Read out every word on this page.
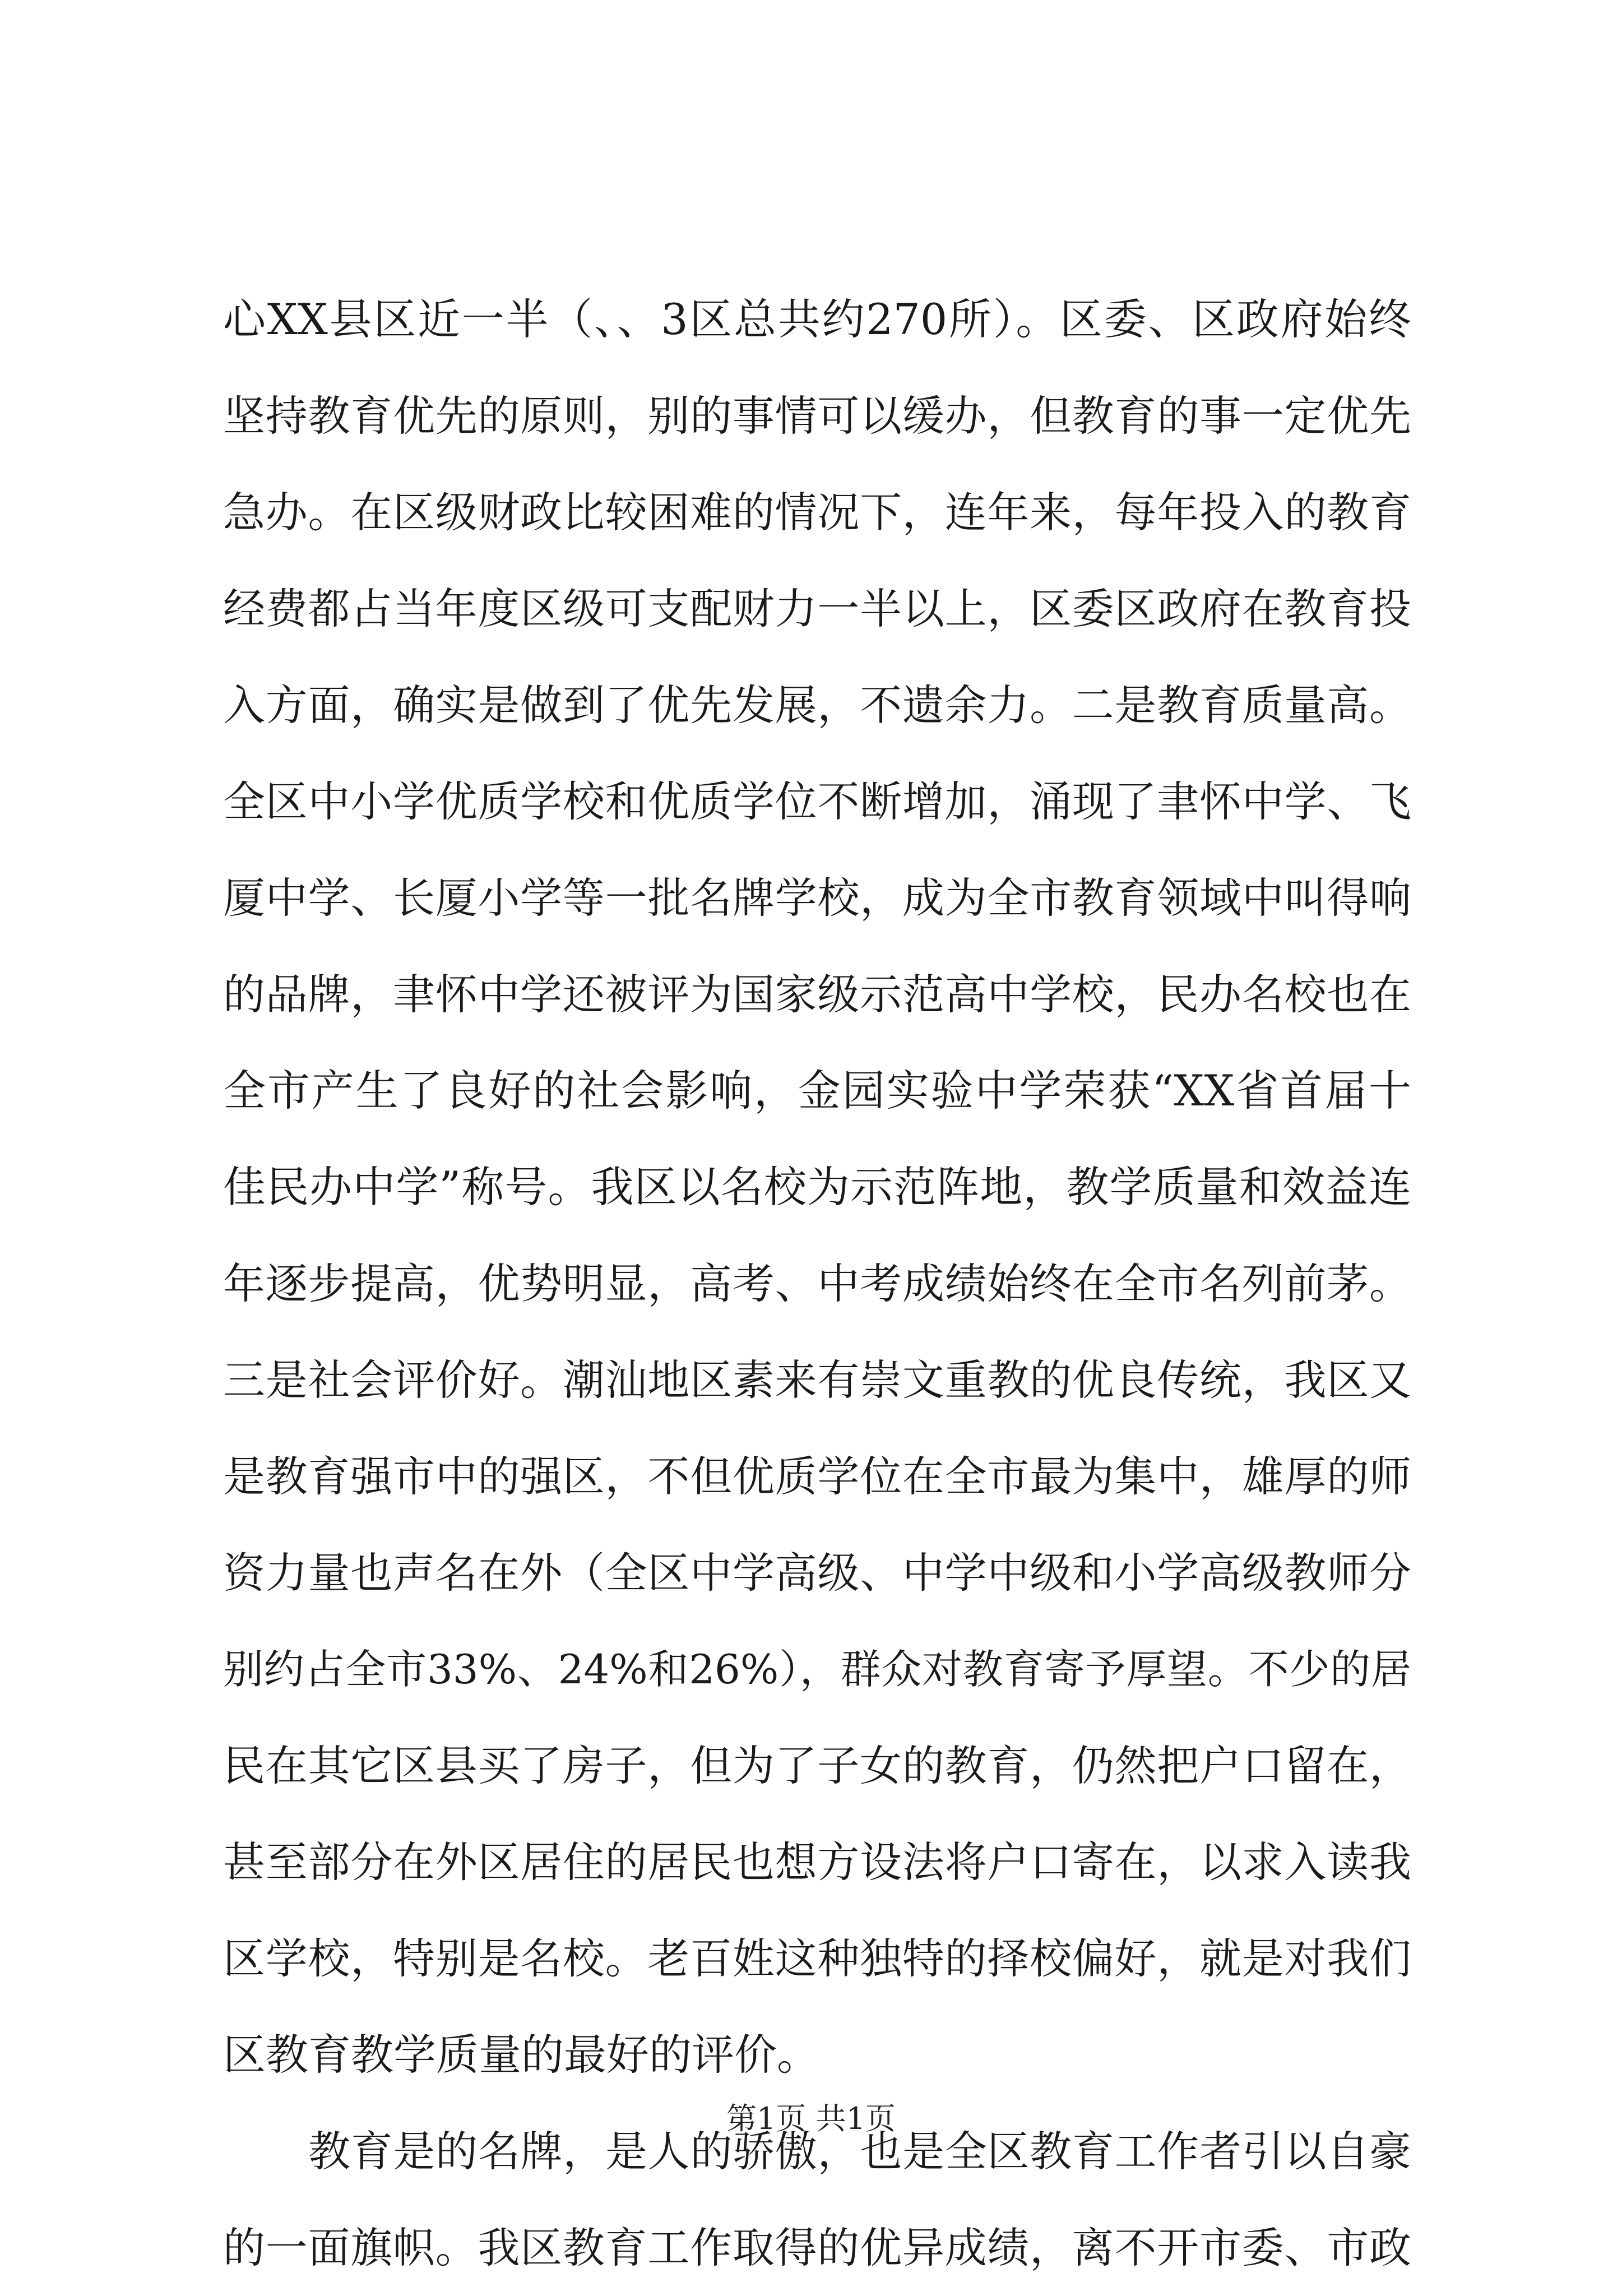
心XX县区近一半（、、3区总共约270所）。区委、区政府始终
坚持教育优先的原则，别的事情可以缓办，但教育的事一定优先
急办。在区级财政比较困难的情况下，连年来，每年投入的教育
经费都占当年度区级可支配财力一半以上，区委区政府在教育投
入方面，确实是做到了优先发展，不遗余力。二是教育质量高。
全区中小学优质学校和优质学位不断增加，涌现了聿怀中学、飞
厦中学、长厦小学等一批名牌学校，成为全市教育领域中叫得响
的品牌，聿怀中学还被评为国家级示范高中学校，民办名校也在
全市产生了良好的社会影响，金园实验中学荣获“XX省首届十
佳民办中学”称号。我区以名校为示范阵地，教学质量和效益连
年逐步提高，优势明显，高考、中考成绩始终在全市名列前茅。
三是社会评价好。潮汕地区素来有崇文重教的优良传统，我区又
是教育强市中的强区，不但优质学位在全市最为集中，雄厚的师
资力量也声名在外（全区中学高级、中学中级和小学高级教师分
别约占全市33%、24%和26%），群众对教育寄予厚望。不少的居
民在其它区县买了房子，但为了子女的教育，仍然把户口留在，
甚至部分在外区居住的居民也想方设法将户口寄在，以求入读我
区学校，特别是名校。老百姓这种独特的择校偏好，就是对我们
区教育教学质量的最好的评价。
教育是的名牌，是人的骄傲，也是全区教育工作者引以自豪
的一面旗帜。我区教育工作取得的优异成绩，离不开市委、市政
第1页 共1页
